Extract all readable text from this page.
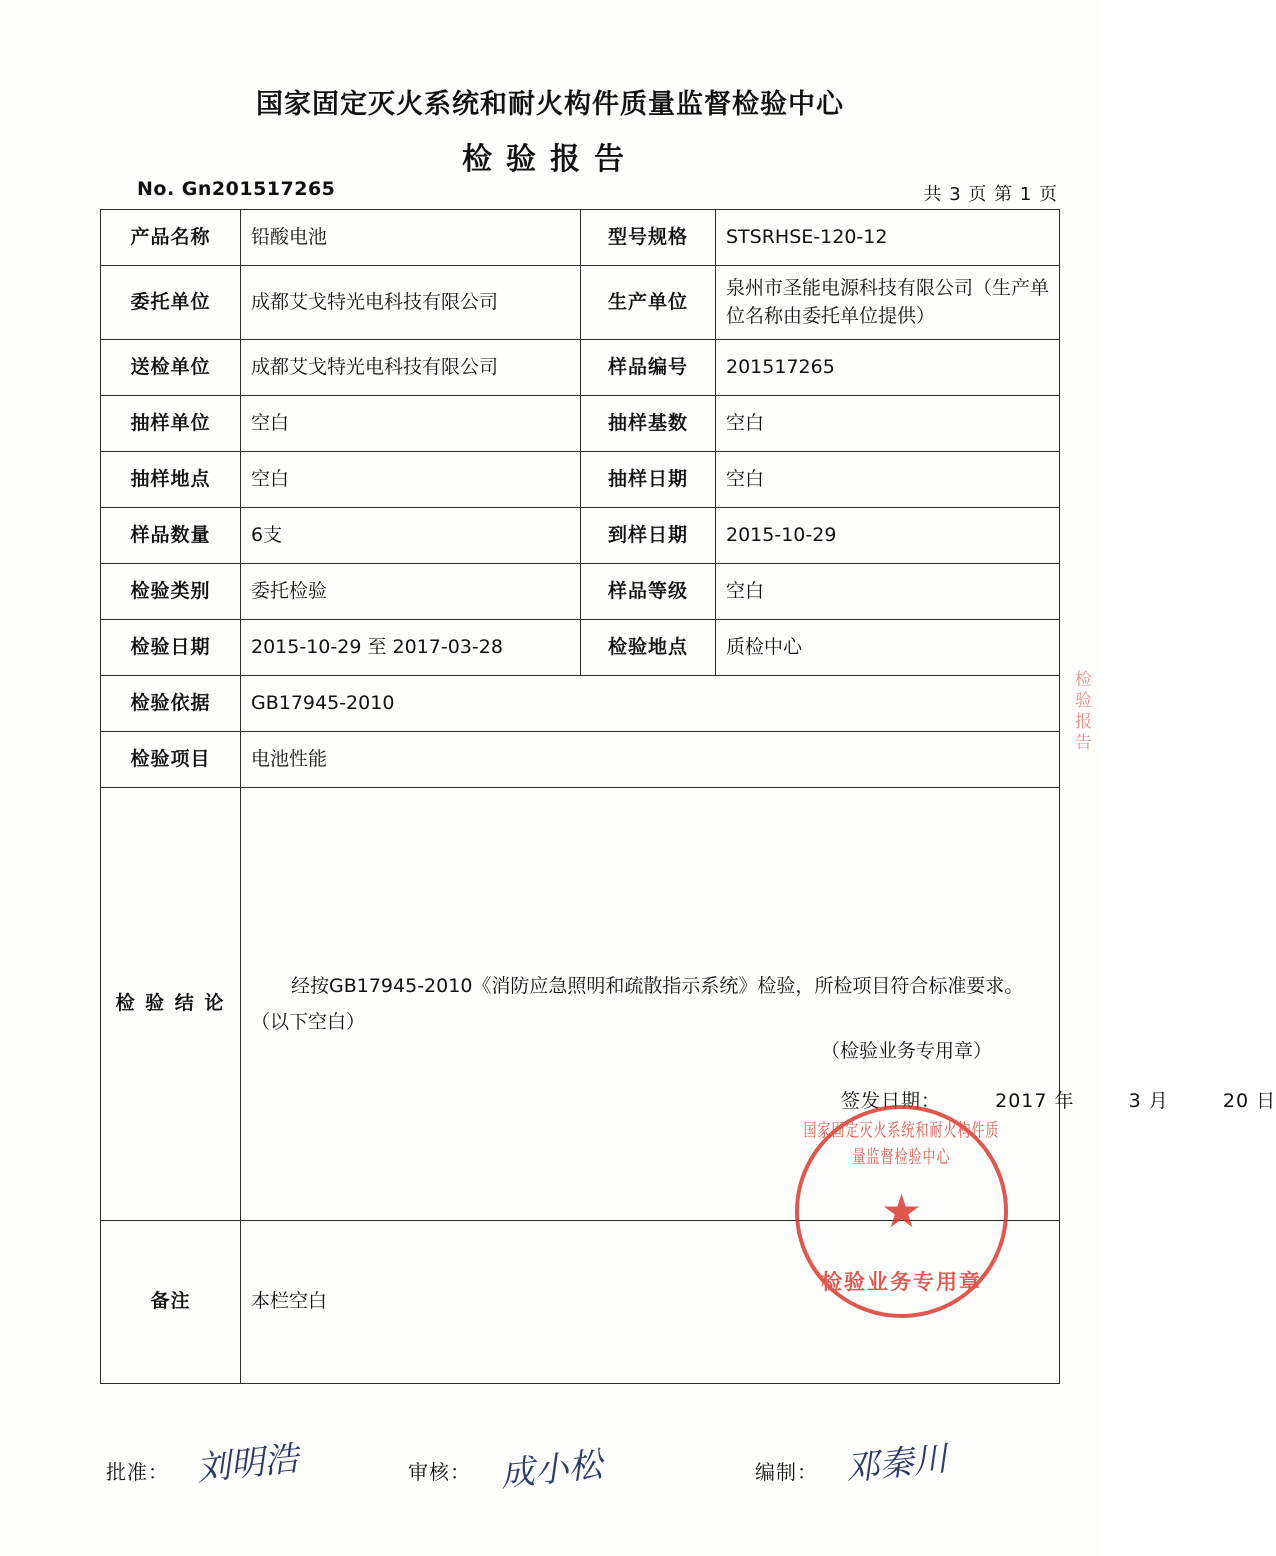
国家固定灭火系统和耐火构件质量监督检验中心
检验报告
No. Gn201517265	共 3 页 第 1 页
产品名称	铅酸电池	型号规格	STSRHSE-120-12
委托单位	成都艾戈特光电科技有限公司	生产单位	泉州市圣能电源科技有限公司（生产单位名称由委托单位提供）
送检单位	成都艾戈特光电科技有限公司	样品编号	201517265
抽样单位	空白	抽样基数	空白
抽样地点	空白	抽样日期	空白
样品数量	6支	到样日期	2015-10-29
检验类别	委托检验	样品等级	空白
检验日期	2015-10-29 至 2017-03-28	检验地点	质检中心
检验依据	GB17945-2010		
检验项目	电池性能		
检 验 结 论	经按GB17945-2010《消防应急照明和疏散指示系统》检验，所检项目符合标准要求。（以下空白）
（检验业务专用章）
签发日期： 2017 年 3 月 20 日		

备注	本栏空白		
国家固定灭火系统和耐火构件质量监督检验中心
★
检验业务专用章
检验报告
批准： 刘明浩	审核： 成小松	编制： 邓秦川
